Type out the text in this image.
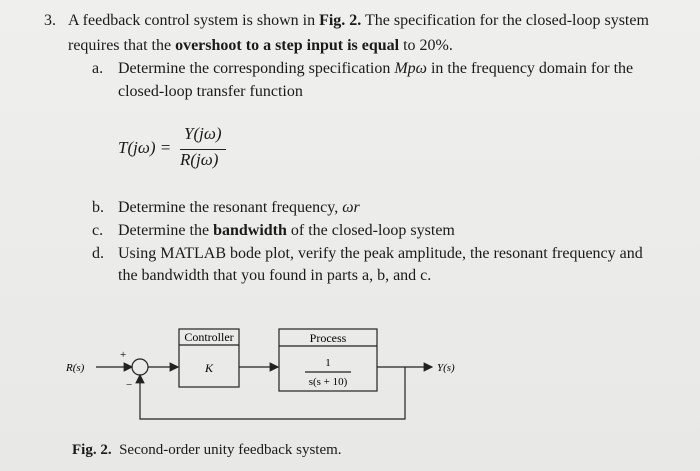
3. A feedback control system is shown in Fig. 2. The specification for the closed-loop system
requires that the overshoot to a step input is equal to 20%.
a. Determine the corresponding specification Mpω in the frequency domain for the
closed-loop transfer function
T(jω) =
Y(jω)
R(jω)
b. Determine the resonant frequency, ωr
c. Determine the bandwidth of the closed-loop system
d. Using MATLAB bode plot, verify the peak amplitude, the resonant frequency and
the bandwidth that you found in parts a, b, and c.
R(s)
+
−
Controller
K
Process
1
s(s + 10)
Y(s)
Fig. 2.  Second-order unity feedback system.
